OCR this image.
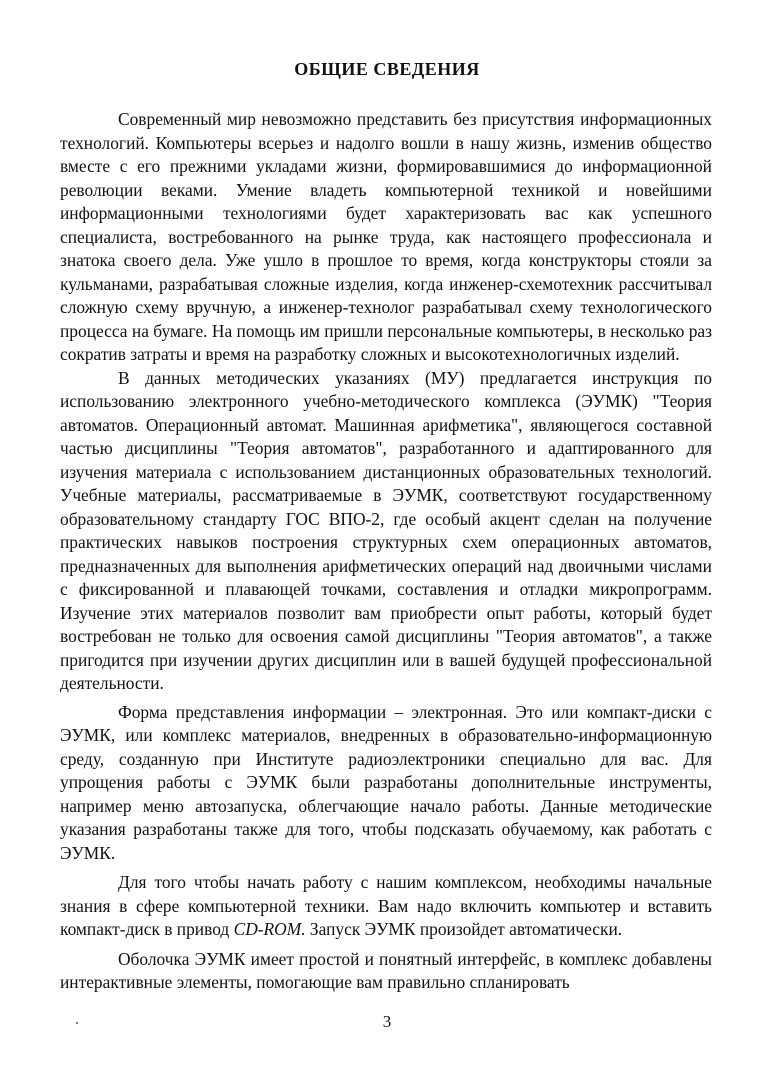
ОБЩИЕ СВЕДЕНИЯ

Современный мир невозможно представить без присутствия информационных технологий. Компьютеры всерьез и надолго вошли в нашу жизнь, изменив общество вместе с его прежними укладами жизни, формировавшимися до информационной революции веками. Умение владеть компьютерной техникой и новейшими информационными технологиями будет характеризовать вас как успешного специалиста, востребованного на рынке труда, как настоящего профессионала и знатока своего дела. Уже ушло в прошлое то время, когда конструкторы стояли за кульманами, разрабатывая сложные изделия, когда инженер-схемотехник рассчитывал сложную схему вручную, а инженер-технолог разрабатывал схему технологического процесса на бумаге. На помощь им пришли персональные компьютеры, в несколько раз сократив затраты и время на разработку сложных и высокотехнологичных изделий.

В данных методических указаниях (МУ) предлагается инструкция по использованию электронного учебно-методического комплекса (ЭУМК) "Теория автоматов. Операционный автомат. Машинная арифметика", являющегося составной частью дисциплины "Теория автоматов", разработанного и адаптированного для изучения материала с использованием дистанционных образовательных технологий. Учебные материалы, рассматриваемые в ЭУМК, соответствуют государственному образовательному стандарту ГОС ВПО-2, где особый акцент сделан на получение практических навыков построения структурных схем операционных автоматов, предназначенных для выполнения арифметических операций над двоичными числами с фиксированной и плавающей точками, составления и отладки микропрограмм. Изучение этих материалов позволит вам приобрести опыт работы, который будет востребован не только для освоения самой дисциплины "Теория автоматов", а также пригодится при изучении других дисциплин или в вашей будущей профессиональной деятельности.

Форма представления информации – электронная. Это или компакт-диски с ЭУМК, или комплекс материалов, внедренных в образовательно-информационную среду, созданную при Институте радиоэлектроники специально для вас. Для упрощения работы с ЭУМК были разработаны дополнительные инструменты, например меню автозапуска, облегчающие начало работы. Данные методические указания разработаны также для того, чтобы подсказать обучаемому, как работать с ЭУМК.

Для того чтобы начать работу с нашим комплексом, необходимы начальные знания в сфере компьютерной техники. Вам надо включить компьютер и вставить компакт-диск в привод CD-ROM. Запуск ЭУМК произойдет автоматически.

Оболочка ЭУМК имеет простой и понятный интерфейс, в комплекс добавлены интерактивные элементы, помогающие вам правильно спланировать

3
